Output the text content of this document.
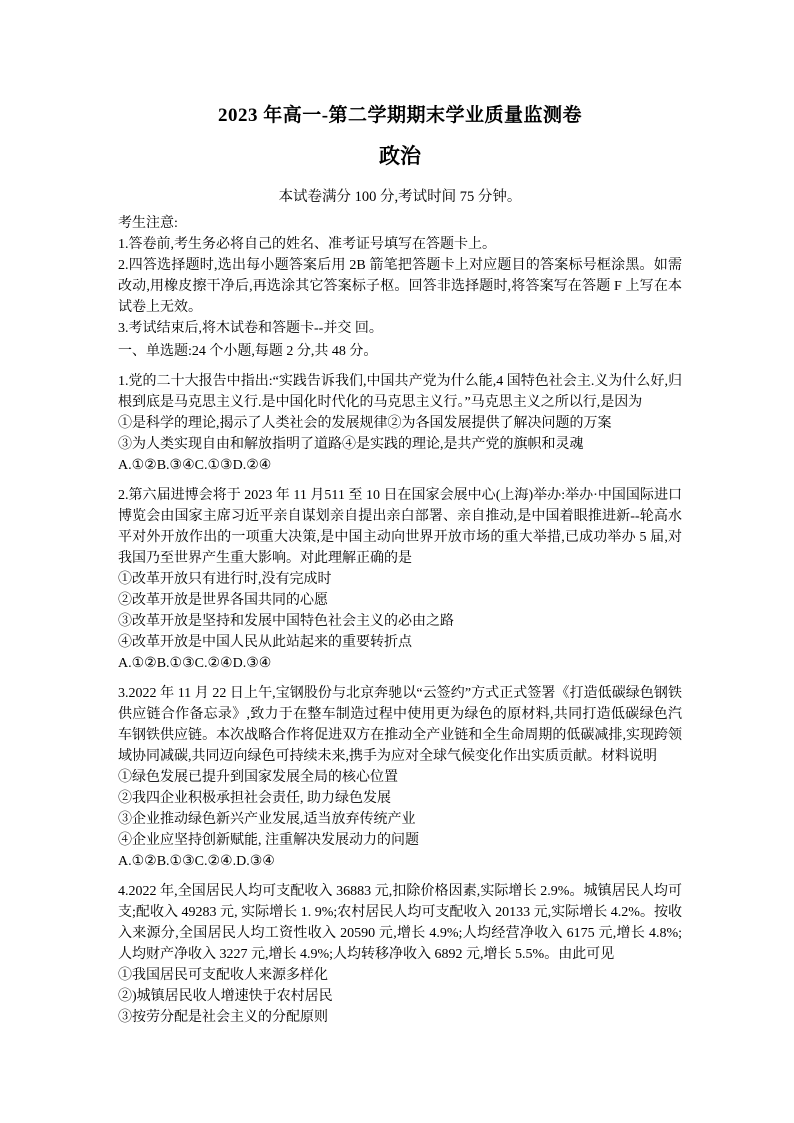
2023 年高一-第二学期期末学业质量监测卷
政治

本试卷满分 100 分,考试时间 75 分钟。

考生注意:

1.答卷前,考生务必将自己的姓名、准考证号填写在答题卡上。

2.四答选择题时,选出每小题答案后用 2B 箭笔把答题卡上对应题目的答案标号框涂黑。如需改动,用橡皮擦干净后,再选涂其它答案标子枢。回答非选择题时,将答案写在答题 F 上写在本试卷上无效。

3.考试结束后,将木试卷和答题卡--并交 回。

一、单选题:24 个小题,每题 2 分,共 48 分。

1.党的二十大报告中指出:“实践告诉我们,中国共产党为什么能,4 国特色社会主.义为什么好,归根到底是马克思主义行.是中国化时代化的马克思主义行。”马克思主义之所以行,是因为

①是科学的理论,揭示了人类社会的发展规律②为各国发展提供了解决问题的万案

③为人类实现自由和解放指明了道路④是实践的理论,是共产党的旗帜和灵魂

A.①②B.③④C.①③D.②④

2.第六届进博会将于 2023 年 11 月511 至 10 日在国家会展中心(上海)举办:举办·中国国际进口博览会由国家主席习近平亲自谋划亲自提出亲白部署、亲自推动,是中国着眼推进新--轮高水平对外开放作出的一项重大决策,是中国主动向世界开放市场的重大举措,已成功举办 5 届,对我国乃至世界产生重大影响。对此理解正确的是

①改革开放只有进行时,没有完成时

②改革开放是世界各国共同的心愿

③改革开放是坚持和发展中国特色社会主义的必由之路

④改革开放是中国人民从此站起来的重要转折点

A.①②B.①③C.②④D.③④

3.2022 年 11 月 22 日上午,宝钢股份与北京奔驰以“云签约”方式正式签署《打造低碳绿色钢铁供应链合作备忘录》,致力于在整车制造过程中使用更为绿色的原材料,共同打造低碳绿色汽车钢铁供应链。本次战略合作将促进双方在推动全产业链和全生命周期的低碳减排,实现跨领域协同减碳,共同迈向绿色可持续未来,携手为应对全球气候变化作出实质贡献。材料说明

①绿色发展已提升到国家发展全局的核心位置

②我四企业积极承担社会责任, 助力绿色发展

③企业推动绿色新兴产业发展,适当放弃传统产业

④企业应坚持创新赋能, 注重解决发展动力的问题

A.①②B.①③C.②④.D.③④

4.2022 年,全国居民人均可支配收入 36883 元,扣除价格因素,实际增长 2.9%。城镇居民人均可支;配收入 49283 元, 实际增长 1. 9%;农村居民人均可支配收入 20133 元,实际增长 4.2%。按收入来源分,全国居民人均工资性收入 20590 元,增长 4.9%;人均经营净收入 6175 元,增长 4.8%;人均财产净收入 3227 元,增长 4.9%;人均转移净收入 6892 元,增长 5.5%。由此可见

①我国居民可支配收人来源多样化

②)城镇居民收人增速快于农村居民

③按劳分配是社会主义的分配原则
